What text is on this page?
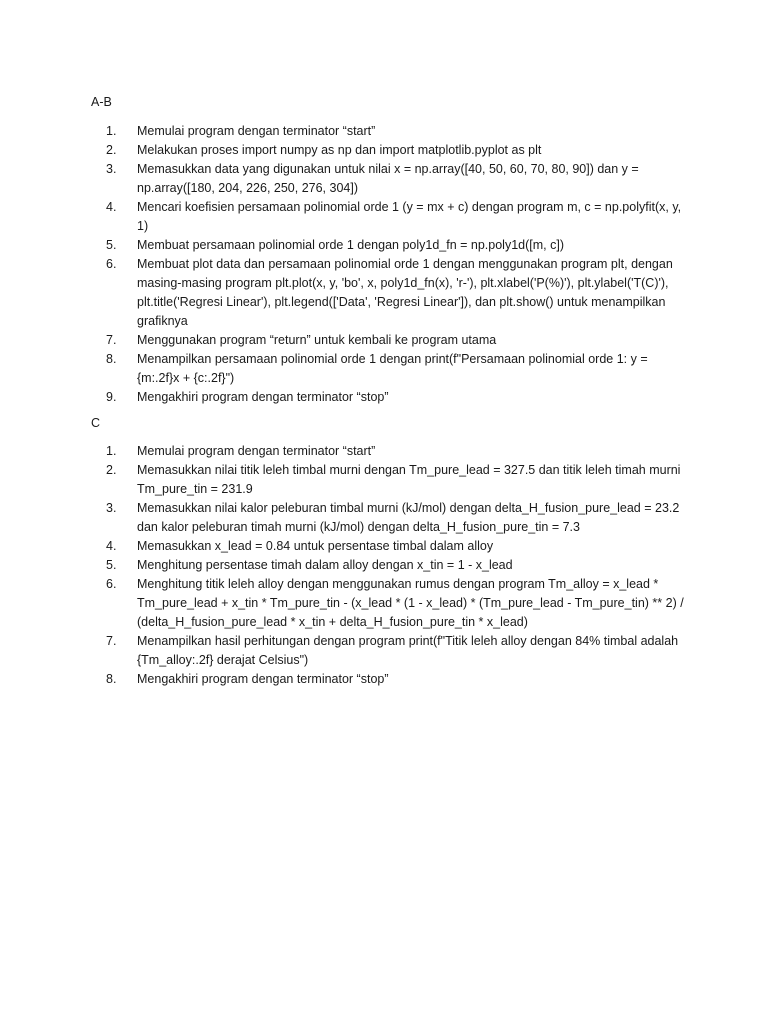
A-B
1.	Memulai program dengan terminator “start”
2.	Melakukan proses import numpy as np dan import matplotlib.pyplot as plt
3.	Memasukkan data yang digunakan untuk nilai x = np.array([40, 50, 60, 70, 80, 90]) dan y = np.array([180, 204, 226, 250, 276, 304])
4.	Mencari koefisien persamaan polinomial orde 1 (y = mx + c) dengan program m, c = np.polyfit(x, y, 1)
5.	Membuat persamaan polinomial orde 1 dengan poly1d_fn = np.poly1d([m, c])
6.	Membuat plot data dan persamaan polinomial orde 1 dengan menggunakan program plt, dengan masing-masing program plt.plot(x, y, 'bo', x, poly1d_fn(x), 'r-'), plt.xlabel('P(%)'), plt.ylabel('T(C)'), plt.title('Regresi Linear'), plt.legend(['Data', 'Regresi Linear']), dan plt.show() untuk menampilkan grafiknya
7.	Menggunakan program “return” untuk kembali ke program utama
8.	Menampilkan persamaan polinomial orde 1 dengan print(f"Persamaan polinomial orde 1: y = {m:.2f}x + {c:.2f}")
9.	Mengakhiri program dengan terminator “stop”
C
1.	Memulai program dengan terminator “start”
2.	Memasukkan nilai titik leleh timbal murni dengan Tm_pure_lead = 327.5 dan titik leleh timah murni Tm_pure_tin = 231.9
3.	Memasukkan nilai kalor peleburan timbal murni (kJ/mol) dengan delta_H_fusion_pure_lead = 23.2 dan kalor peleburan timah murni (kJ/mol) dengan delta_H_fusion_pure_tin = 7.3
4.	Memasukkan x_lead = 0.84 untuk persentase timbal dalam alloy
5.	Menghitung persentase timah dalam alloy dengan x_tin = 1 - x_lead
6.	Menghitung titik leleh alloy dengan menggunakan rumus dengan program Tm_alloy = x_lead * Tm_pure_lead + x_tin * Tm_pure_tin - (x_lead * (1 - x_lead) * (Tm_pure_lead - Tm_pure_tin) ** 2) / (delta_H_fusion_pure_lead * x_tin + delta_H_fusion_pure_tin * x_lead)
7.	Menampilkan hasil perhitungan dengan program print(f"Titik leleh alloy dengan 84% timbal adalah {Tm_alloy:.2f} derajat Celsius")
8.	Mengakhiri program dengan terminator “stop”
